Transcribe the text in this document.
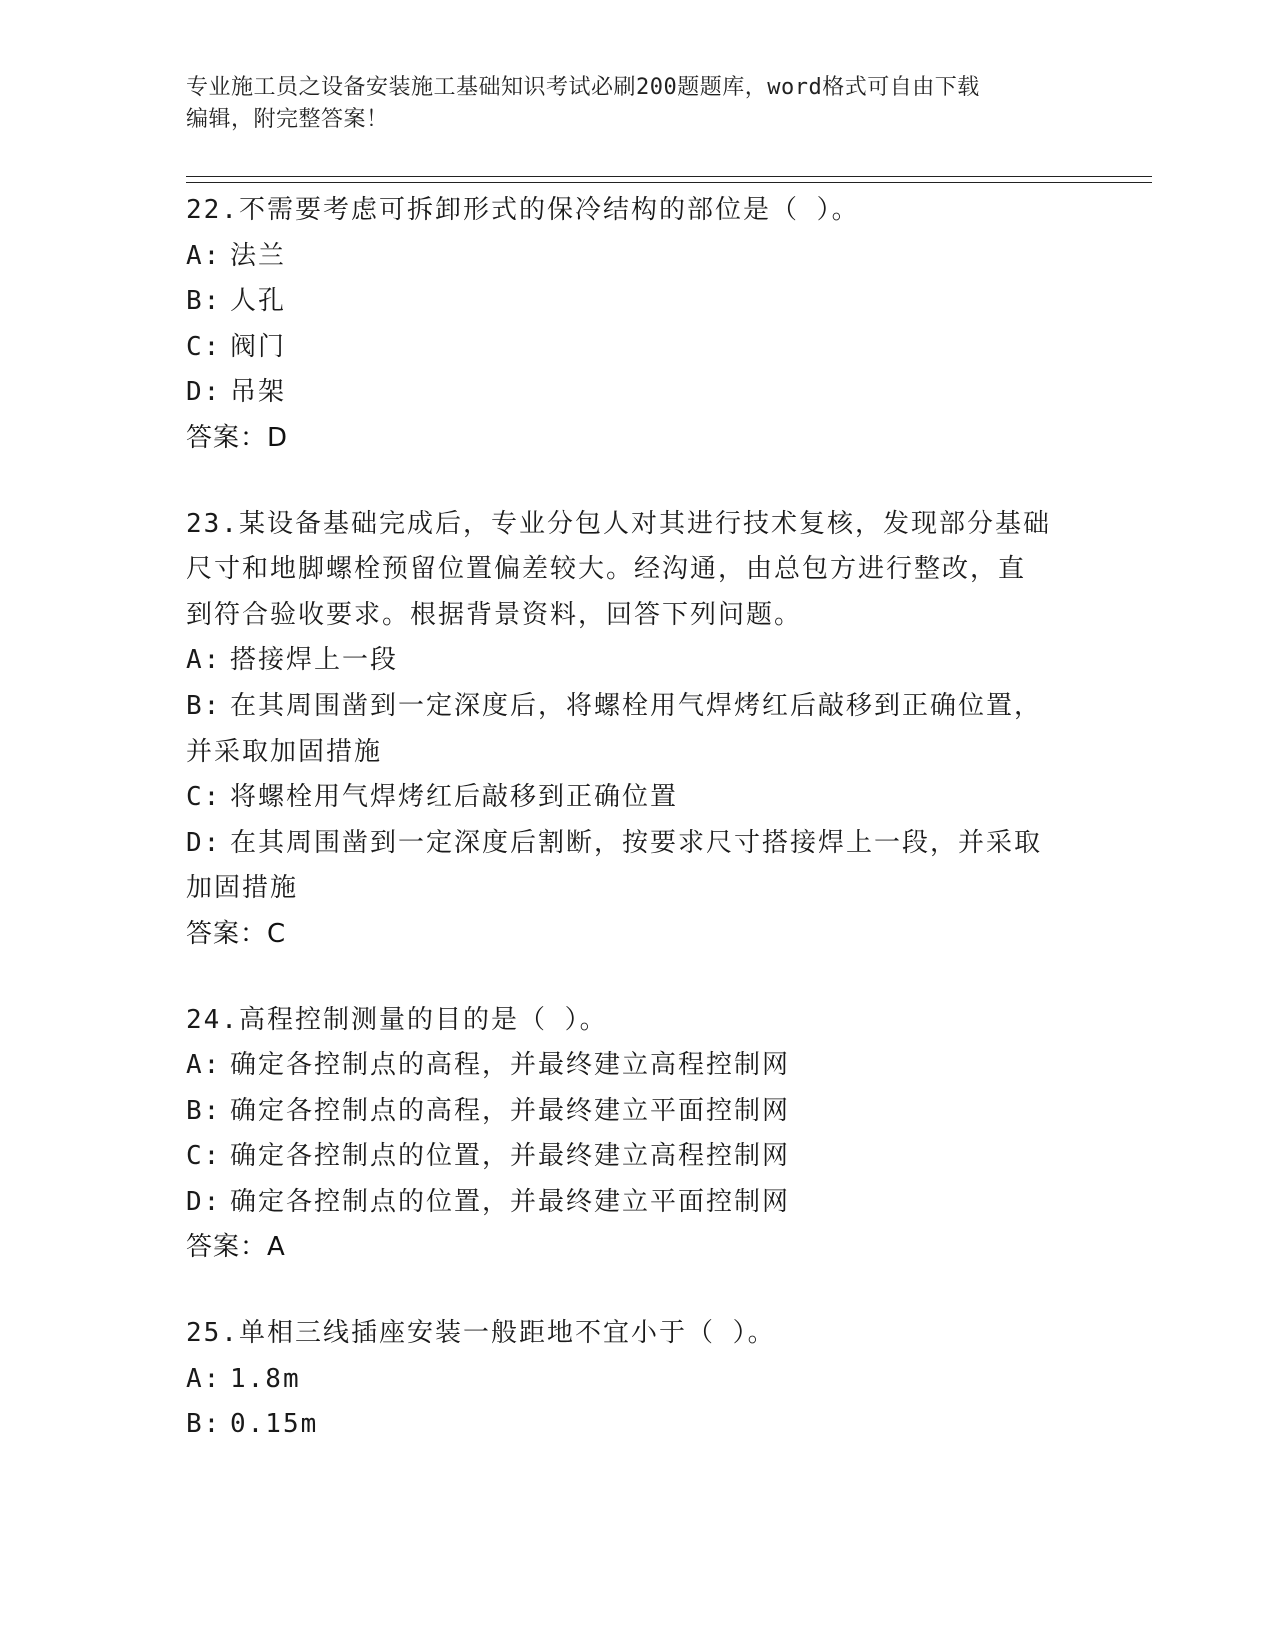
专业施工员之设备安装施工基础知识考试必刷200题题库，word格式可自由下载
编辑，附完整答案！
22.不需要考虑可拆卸形式的保冷结构的部位是（ ）。
A: 法兰
B: 人孔
C: 阀门
D: 吊架
答案：D
23.某设备基础完成后，专业分包人对其进行技术复核，发现部分基础
尺寸和地脚螺栓预留位置偏差较大。经沟通，由总包方进行整改，直
到符合验收要求。根据背景资料，回答下列问题。
A: 搭接焊上一段
B: 在其周围凿到一定深度后，将螺栓用气焊烤红后敲移到正确位置，
并采取加固措施
C: 将螺栓用气焊烤红后敲移到正确位置
D: 在其周围凿到一定深度后割断，按要求尺寸搭接焊上一段，并采取
加固措施
答案：C
24.高程控制测量的目的是（ ）。
A: 确定各控制点的高程，并最终建立高程控制网
B: 确定各控制点的高程，并最终建立平面控制网
C: 确定各控制点的位置，并最终建立高程控制网
D: 确定各控制点的位置，并最终建立平面控制网
答案：A
25.单相三线插座安装一般距地不宜小于（ ）。
A: 1.8m
B: 0.15m
